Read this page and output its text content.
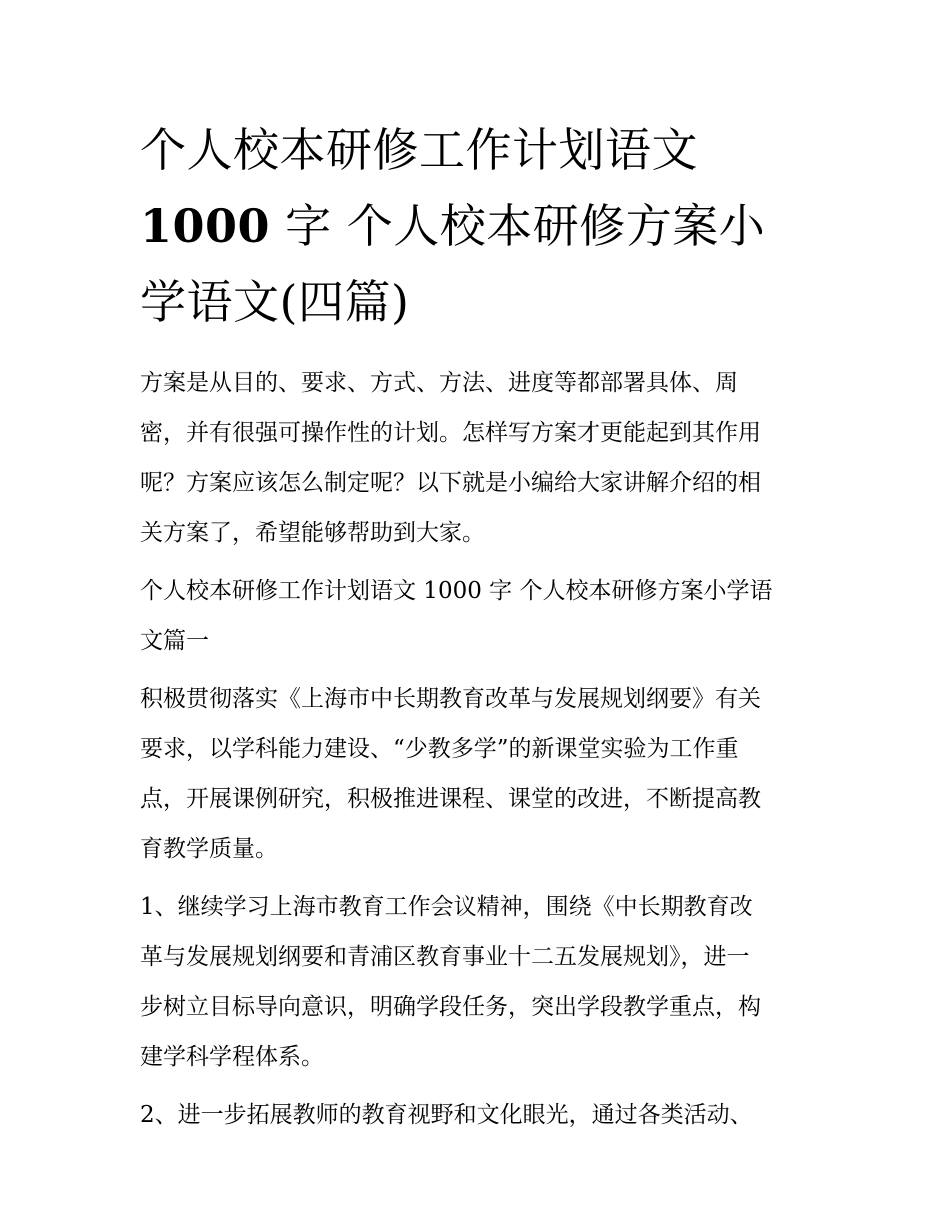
个人校本研修工作计划语文
1000 字 个人校本研修方案小
学语文(四篇)

方案是从目的、要求、方式、方法、进度等都部署具体、周
密，并有很强可操作性的计划。怎样写方案才更能起到其作用
呢？方案应该怎么制定呢？以下就是小编给大家讲解介绍的相
关方案了，希望能够帮助到大家。

个人校本研修工作计划语文 1000 字 个人校本研修方案小学语
文篇一

积极贯彻落实《上海市中长期教育改革与发展规划纲要》有关
要求，以学科能力建设、“少教多学”的新课堂实验为工作重
点，开展课例研究，积极推进课程、课堂的改进，不断提高教
育教学质量。

1、继续学习上海市教育工作会议精神，围绕《中长期教育改
革与发展规划纲要和青浦区教育事业十二五发展规划》，进一
步树立目标导向意识，明确学段任务，突出学段教学重点，构
建学科学程体系。

2、进一步拓展教师的教育视野和文化眼光，通过各类活动、
